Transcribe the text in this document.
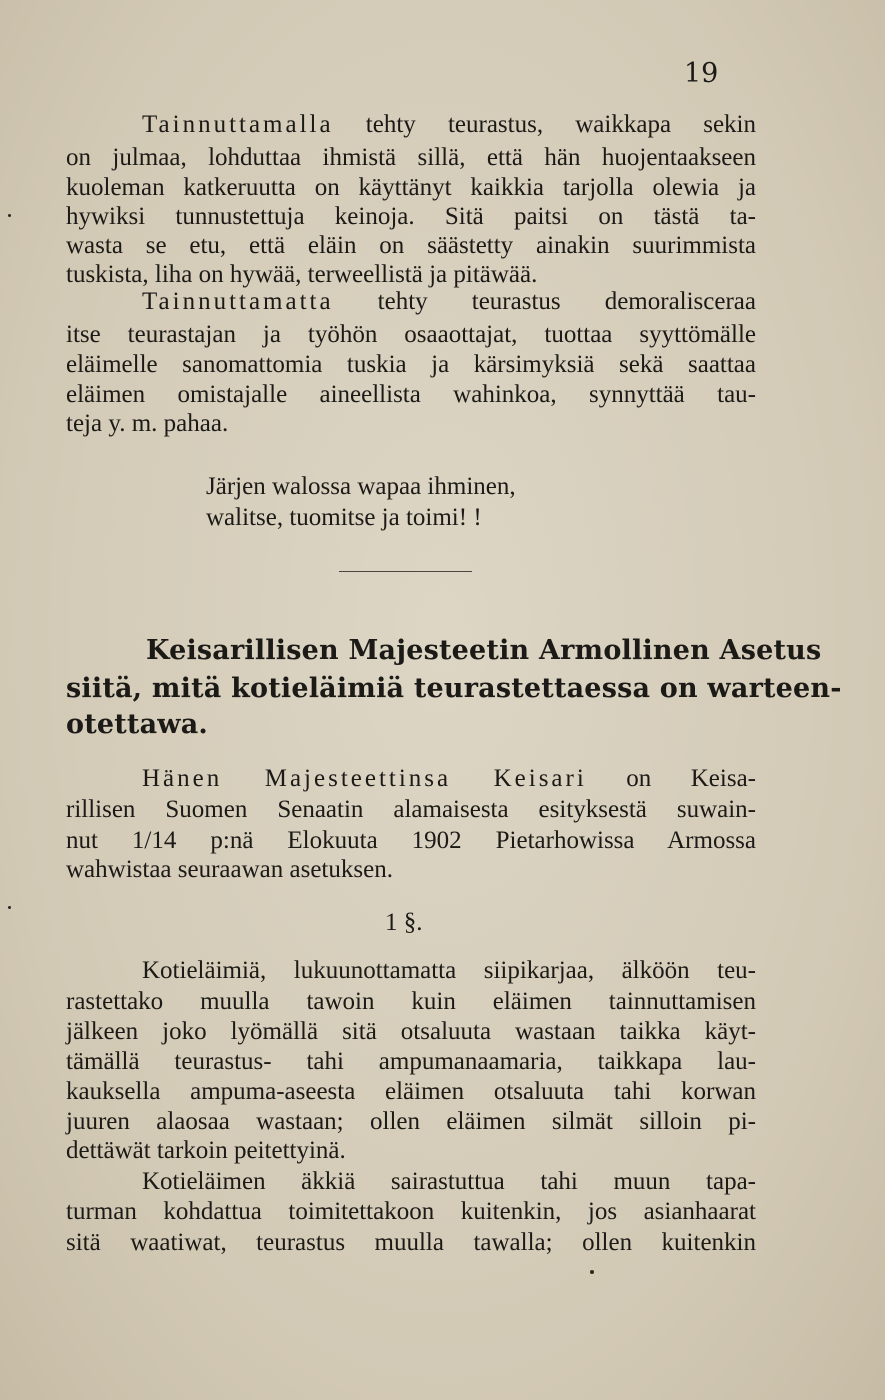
19
Tainnuttamalla tehty teurastus, waikkapa sekin
on julmaa, lohduttaa ihmistä sillä, että hän huojentaakseen
kuoleman katkeruutta on käyttänyt kaikkia tarjolla olewia ja
hywiksi tunnustettuja keinoja. Sitä paitsi on tästä ta-
wasta se etu, että eläin on säästetty ainakin suurimmista
tuskista, liha on hywää, terweellistä ja pitäwää.
Tainnuttamatta tehty teurastus demoralisceraa
itse teurastajan ja työhön osaaottajat, tuottaa syyttömälle
eläimelle sanomattomia tuskia ja kärsimyksiä sekä saattaa
eläimen omistajalle aineellista wahinkoa, synnyttää tau-
teja y. m. pahaa.
Järjen walossa wapaa ihminen,
walitse, tuomitse ja toimi! !
Keisarillisen Majesteetin Armollinen Asetus
siitä, mitä kotieläimiä teurastettaessa on warteen-
otettawa.
Hänen Majesteettinsa Keisari on Keisa-
rillisen Suomen Senaatin alamaisesta esityksestä suwain-
nut 1/14 p:nä Elokuuta 1902 Pietarhowissa Armossa
wahwistaa seuraawan asetuksen.
1 §.
Kotieläimiä, lukuunottamatta siipikarjaa, älköön teu-
rastettako muulla tawoin kuin eläimen tainnuttamisen
jälkeen joko lyömällä sitä otsaluuta wastaan taikka käyt-
tämällä teurastus- tahi ampumanaamaria, taikkapa lau-
kauksella ampuma-aseesta eläimen otsaluuta tahi korwan
juuren alaosaa wastaan; ollen eläimen silmät silloin pi-
dettäwät tarkoin peitettyinä.
Kotieläimen äkkiä sairastuttua tahi muun tapa-
turman kohdattua toimitettakoon kuitenkin, jos asianhaarat
sitä waatiwat, teurastus muulla tawalla; ollen kuitenkin
